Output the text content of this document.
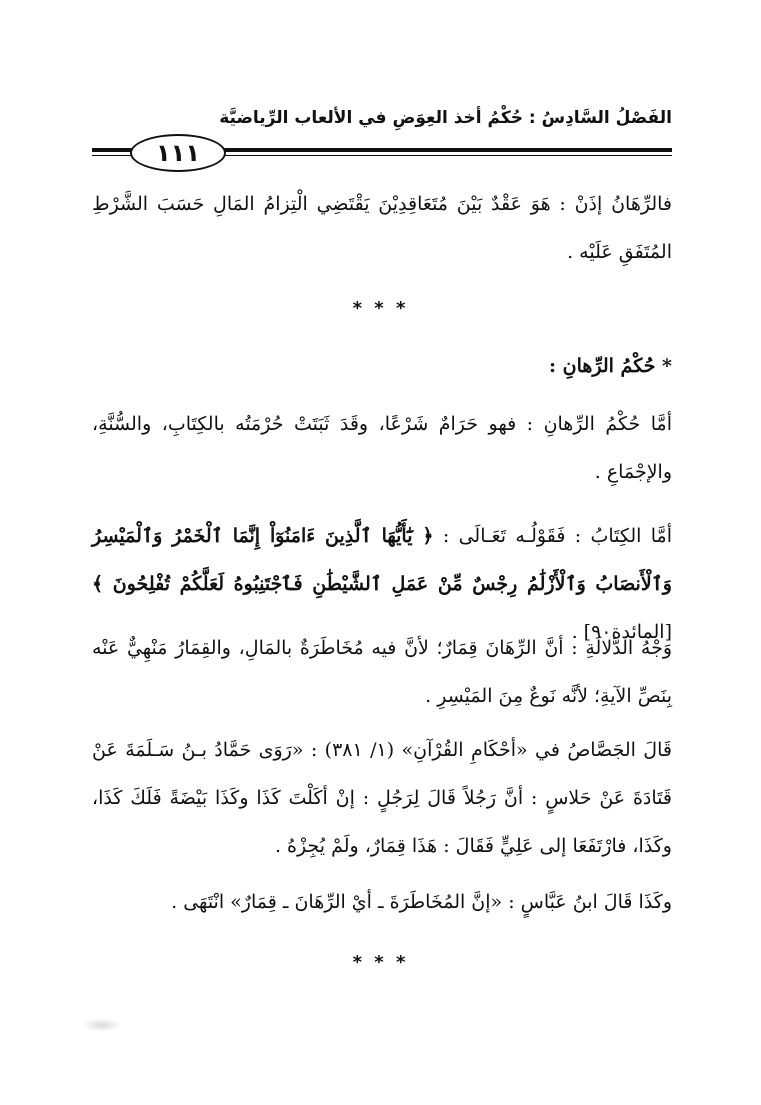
الفَصْلُ السَّادِسُ : حُكْمُ أخذ العِوَضِ في الألعاب الرِّياضيَّة
١١١

فالرِّهَانُ إذَنْ : هَوَ عَقْدٌ بَيْنَ مُتَعَاقِدِيْنَ يَقْتَضِي الْتِزامُ المَالِ حَسَبَ الشَّرْطِ المُتَفَقِ عَلَيْه .

* * *

* حُكْمُ الرِّهانِ :

أمَّا حُكْمُ الرِّهانِ : فهو حَرَامٌ شَرْعًا، وقَدَ ثَبَتَتْ حُرْمَتُه بالكِتَابِ، والسُّنَّةِ، والإجْمَاعِ .

أمَّا الكِتَابُ : فَقَوْلُـه تَعَـالَى : ﴿ يَٰٓأَيُّهَا ٱلَّذِينَ ءَامَنُوٓاْ إِنَّمَا ٱلْخَمْرُ وَٱلْمَيْسِرُ وَٱلْأَنصَابُ وَٱلْأَزْلَٰمُ رِجْسٌ مِّنْ عَمَلِ ٱلشَّيْطَٰنِ فَٱجْتَنِبُوهُ لَعَلَّكُمْ تُفْلِحُونَ ﴾ [المائدة٩٠] .

وَجْهُ الدَّلالَةِ : أنَّ الرِّهَانَ قِمَارٌ؛ لأنَّ فيه مُخَاطَرَةٌ بالمَالِ، والقِمَارُ مَنْهِيٌّ عَنْه بِنَصِّ الآيةِ؛ لأنَّه نَوعٌ مِنَ المَيْسِرِ .

قَالَ الجَصَّاصُ في «أحْكَامِ القُرْآنِ» (١/ ٣٨١) : «رَوَى حَمَّادُ بـنُ سَـلَمَةَ عَنْ قَتَادَةَ عَنْ حَلاسٍ : أنَّ رَجُلاً قَالَ لِرَجُلٍ : إنْ أكَلْتَ كَذَا وكَذَا بَيْضَةً فَلَكَ كَذَا، وكَذَا، فارْتَفَعَا إلى عَلِيٍّ فَقَالَ : هَذَا قِمَارٌ، ولَمْ يُجِزْهُ .

وكَذَا قَالَ ابنُ عَبَّاسٍ : «إنَّ المُخَاطَرَةَ ـ أيْ الرِّهَانَ ـ قِمَارٌ» انْتَهَى .

* * *
